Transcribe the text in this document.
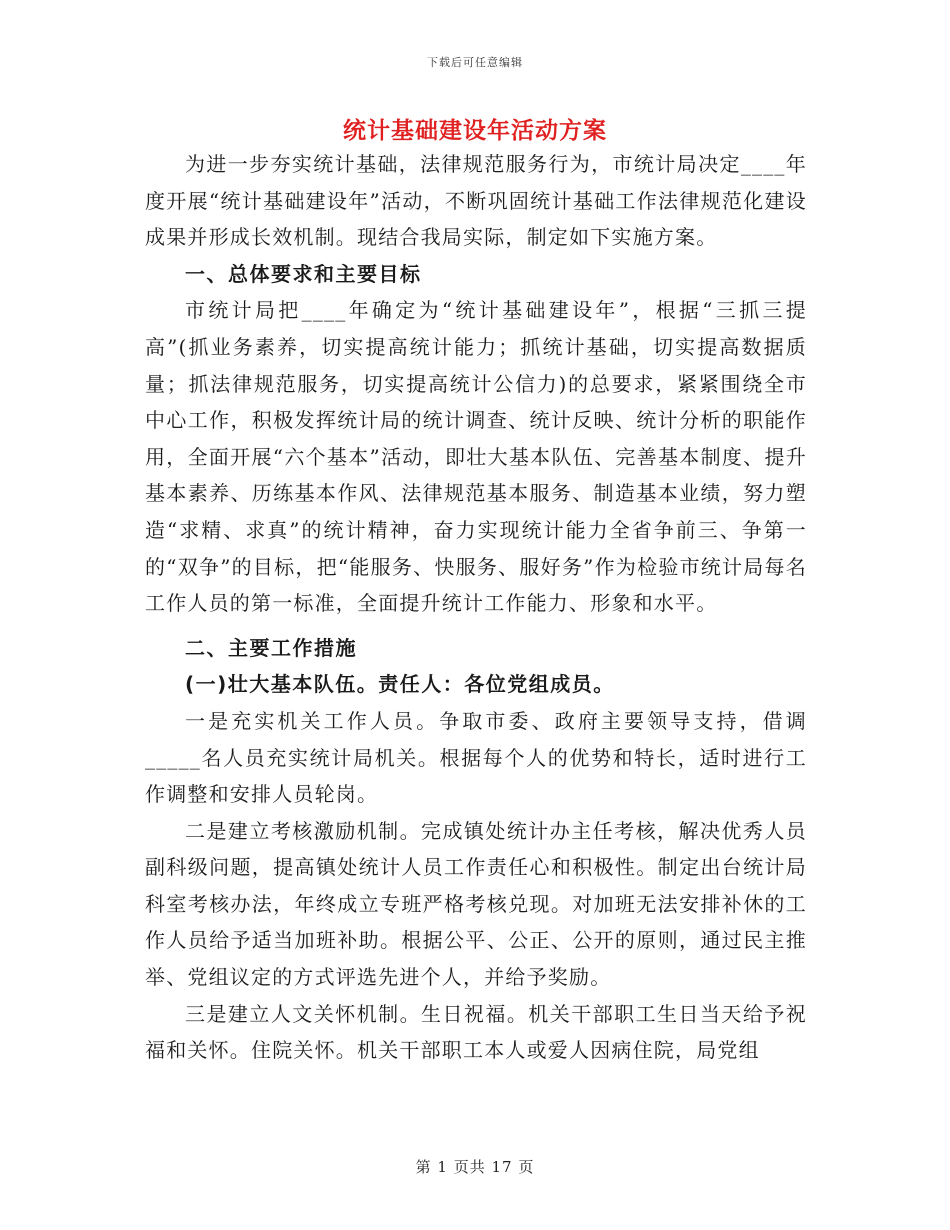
下载后可任意编辑
统计基础建设年活动方案

为进一步夯实统计基础，法律规范服务行为，市统计局决定____年度开展“统计基础建设年”活动，不断巩固统计基础工作法律规范化建设成果并形成长效机制。现结合我局实际，制定如下实施方案。

一、总体要求和主要目标

市统计局把____年确定为“统计基础建设年”，根据“三抓三提高”(抓业务素养，切实提高统计能力；抓统计基础，切实提高数据质量；抓法律规范服务，切实提高统计公信力)的总要求，紧紧围绕全市中心工作，积极发挥统计局的统计调查、统计反映、统计分析的职能作用，全面开展“六个基本”活动，即壮大基本队伍、完善基本制度、提升基本素养、历练基本作风、法律规范基本服务、制造基本业绩，努力塑造“求精、求真”的统计精神，奋力实现统计能力全省争前三、争第一的“双争”的目标，把“能服务、快服务、服好务”作为检验市统计局每名工作人员的第一标准，全面提升统计工作能力、形象和水平。

二、主要工作措施

(一)壮大基本队伍。责任人：各位党组成员。

一是充实机关工作人员。争取市委、政府主要领导支持，借调_____名人员充实统计局机关。根据每个人的优势和特长，适时进行工作调整和安排人员轮岗。

二是建立考核激励机制。完成镇处统计办主任考核，解决优秀人员副科级问题，提高镇处统计人员工作责任心和积极性。制定出台统计局科室考核办法，年终成立专班严格考核兑现。对加班无法安排补休的工作人员给予适当加班补助。根据公平、公正、公开的原则，通过民主推举、党组议定的方式评选先进个人，并给予奖励。

三是建立人文关怀机制。生日祝福。机关干部职工生日当天给予祝福和关怀。住院关怀。机关干部职工本人或爱人因病住院，局党组

第 1 页共 17 页
